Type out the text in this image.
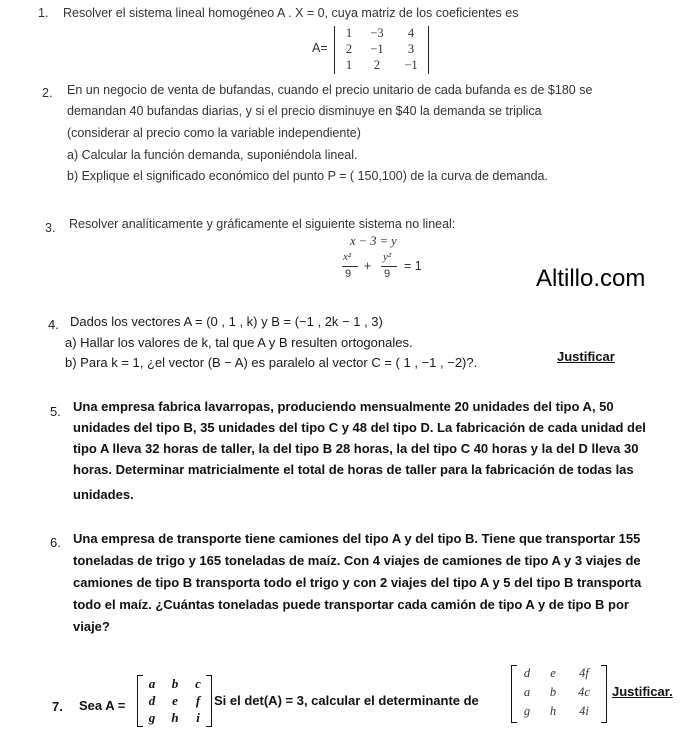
Altillo.com
1. Resolver el sistema lineal homogéneo A . X = 0, cuya matriz de los coeficientes es
A=
1	−3	4
2	−1	3
1	2	−1
2. En un negocio de venta de bufandas, cuando el precio unitario de cada bufanda es de $180 se
demandan 40 bufandas diarias, y si el precio disminuye en $40 la demanda se triplica
(considerar al precio como la variable independiente)
a) Calcular la función demanda, suponiéndola lineal.
b) Explique el significado económico del punto P = ( 150,100) de la curva de demanda.
3. Resolver analíticamente y gráficamente el siguiente sistema no lineal:
x − 3 = y
x²
9
+
y²
9
= 1
4. Dados los vectores A = (0 , 1 , k) y B = (−1 , 2k − 1 , 3)
a) Hallar los valores de k, tal que A y B resulten ortogonales.
b) Para k = 1, ¿el vector (B − A) es paralelo al vector C = ( 1 , −1 , −2)?.	Justificar
5. Una empresa fabrica lavarropas, produciendo mensualmente 20 unidades del tipo A, 50
unidades del tipo B, 35 unidades del tipo C y 48 del tipo D. La fabricación de cada unidad del
tipo A lleva 32 horas de taller, la del tipo B 28 horas, la del tipo C 40 horas y la del D lleva 30
horas. Determinar matricialmente el total de horas de taller para la fabricación de todas las
unidades.
6. Una empresa de transporte tiene camiones del tipo A y del tipo B. Tiene que transportar 155
toneladas de trigo y 165 toneladas de maíz. Con 4 viajes de camiones de tipo A y 3 viajes de
camiones de tipo B transporta todo el trigo y con 2 viajes del tipo A y 5 del tipo B transporta
todo el maíz. ¿Cuántas toneladas puede transportar cada camión de tipo A y de tipo B por
viaje?
7. Sea A =
a	b	c
d	e	f
g	h	i
Si el det(A) = 3, calcular el determinante de
d	e	4f
a	b	4c
g	h	4i
Justificar.
